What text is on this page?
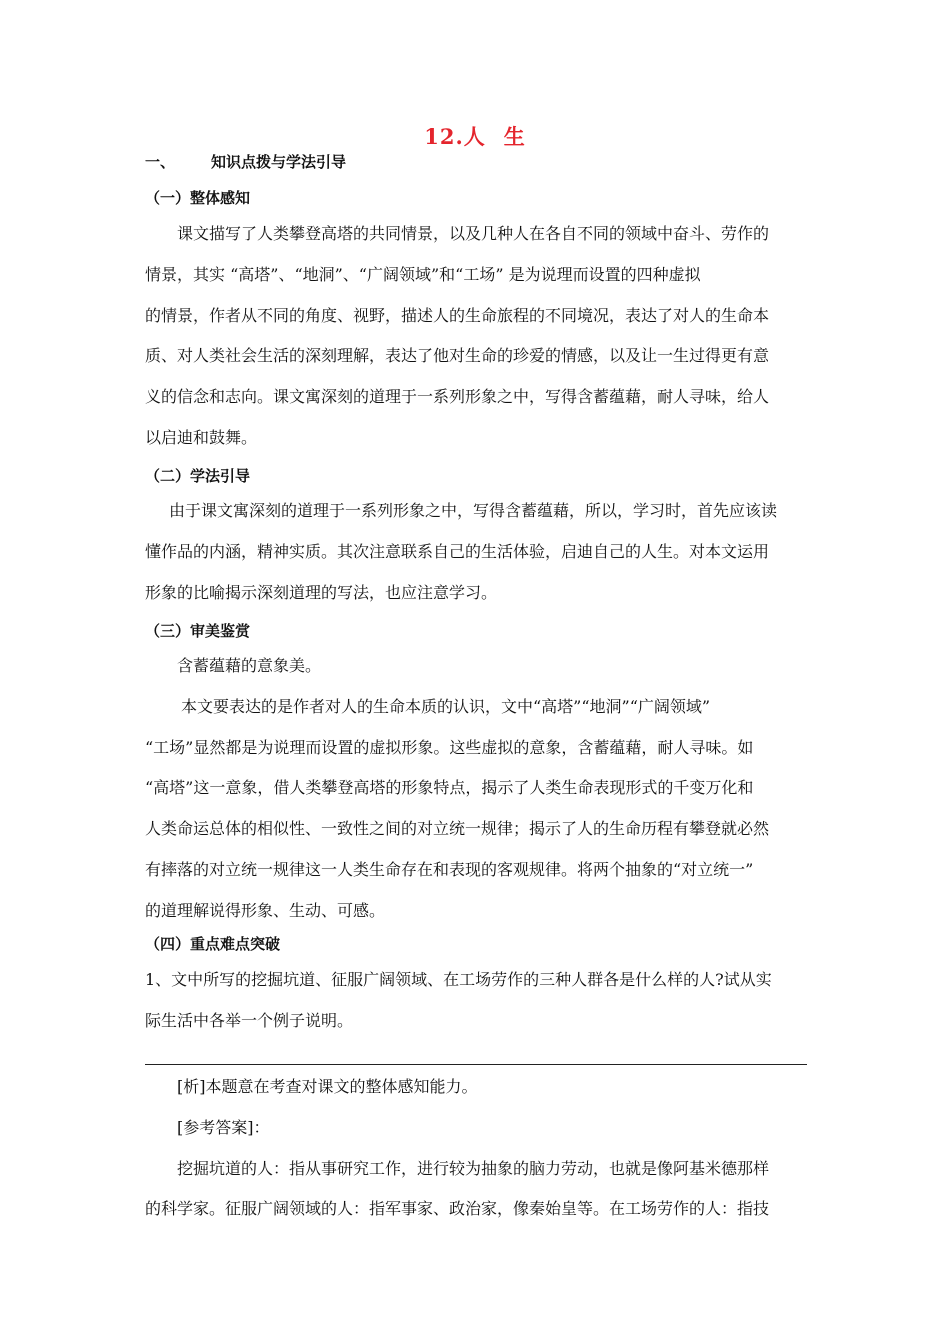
12.人 生
一、 知识点拨与学法引导
（一）整体感知
课文描写了人类攀登高塔的共同情景，以及几种人在各自不同的领域中奋斗、劳作的
情景，其实 “高塔”、“地洞”、“广阔领域”和“工场” 是为说理而设置的四种虚拟
的情景，作者从不同的角度、视野，描述人的生命旅程的不同境况，表达了对人的生命本
质、对人类社会生活的深刻理解，表达了他对生命的珍爱的情感，以及让一生过得更有意
义的信念和志向。课文寓深刻的道理于一系列形象之中，写得含蓄蕴藉，耐人寻味，给人
以启迪和鼓舞。
（二）学法引导
由于课文寓深刻的道理于一系列形象之中，写得含蓄蕴藉，所以，学习时，首先应该读
懂作品的内涵，精神实质。其次注意联系自己的生活体验，启迪自己的人生。对本文运用
形象的比喻揭示深刻道理的写法，也应注意学习。
（三）审美鉴赏
含蓄蕴藉的意象美。
本文要表达的是作者对人的生命本质的认识，文中“高塔”“地洞”“广阔领域”
“工场”显然都是为说理而设置的虚拟形象。这些虚拟的意象，含蓄蕴藉，耐人寻味。如
“高塔”这一意象，借人类攀登高塔的形象特点，揭示了人类生命表现形式的千变万化和
人类命运总体的相似性、一致性之间的对立统一规律；揭示了人的生命历程有攀登就必然
有摔落的对立统一规律这一人类生命存在和表现的客观规律。将两个抽象的“对立统一”
的道理解说得形象、生动、可感。
（四）重点难点突破
1、文中所写的挖掘坑道、征服广阔领域、在工场劳作的三种人群各是什么样的人?试从实
际生活中各举一个例子说明。
[析]本题意在考查对课文的整体感知能力。
[参考答案]：
挖掘坑道的人：指从事研究工作，进行较为抽象的脑力劳动，也就是像阿基米德那样
的科学家。征服广阔领域的人：指军事家、政治家，像秦始皇等。在工场劳作的人：指技
